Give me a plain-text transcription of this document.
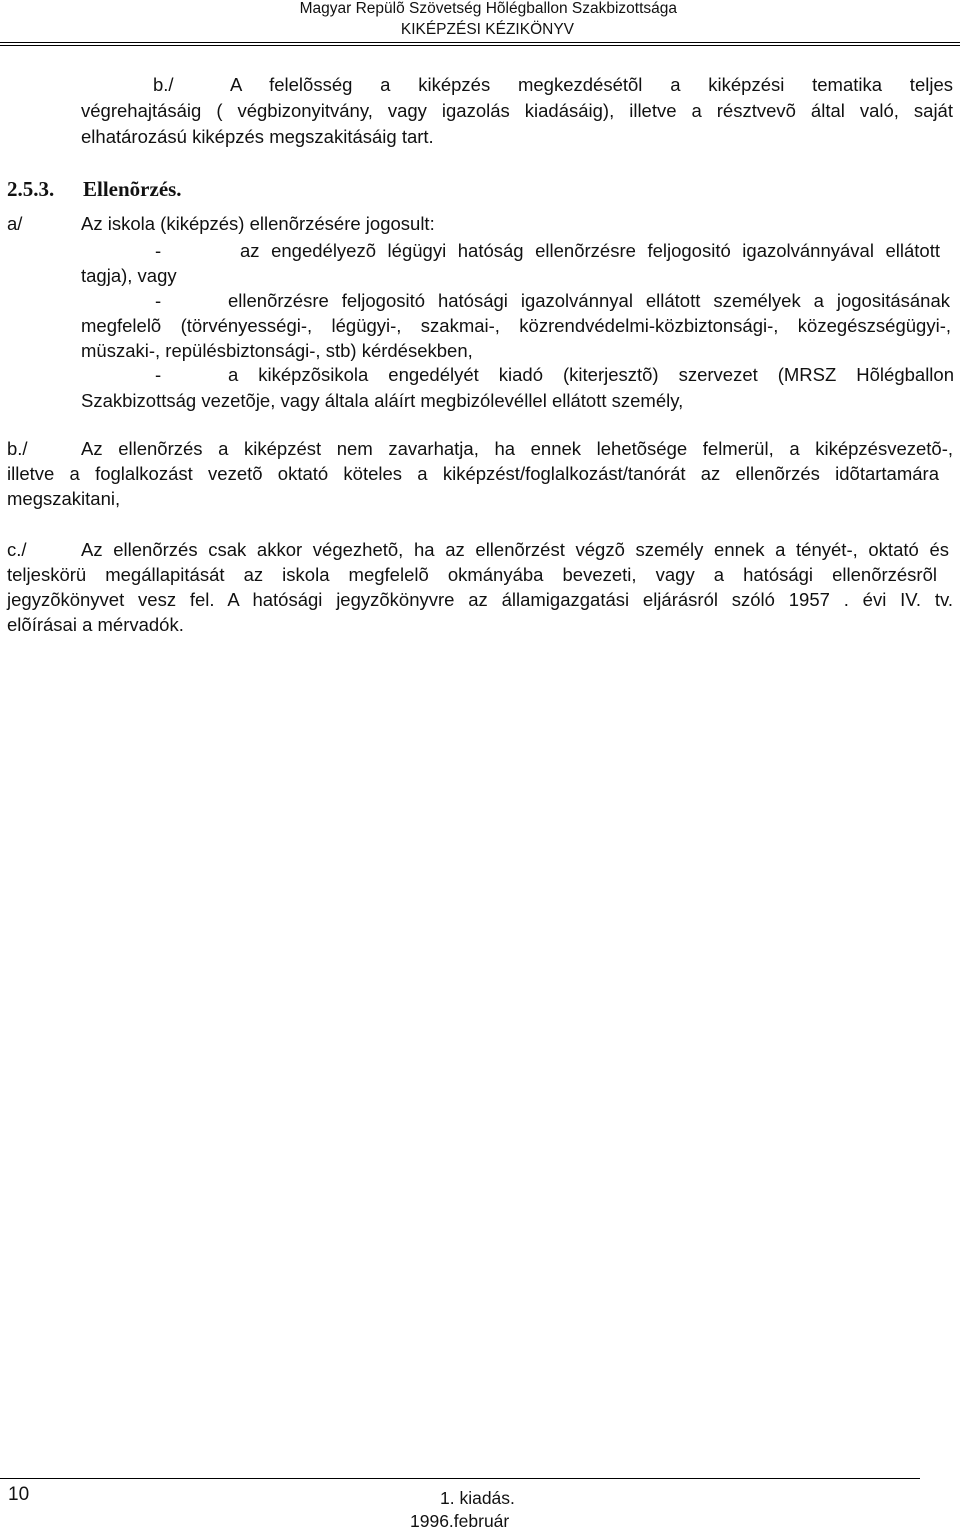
Magyar Repülõ Szövetség Hõlégballon Szakbizottsága
KIKÉPZÉSI KÉZIKÖNYV
b./	A felelõsség a kiképzés megkezdésétõl a kiképzési tematika teljes
végrehajtásáig ( végbizonyitvány, vagy igazolás kiadásáig), illetve a résztvevõ által való, saját
elhatározású kiképzés megszakitásáig tart.
2.5.3. Ellenõrzés.
a/	Az iskola (kiképzés) ellenõrzésére jogosult:
-	az engedélyezõ légügyi hatóság ellenõrzésre feljogositó igazolvánnyával ellátott
tagja), vagy
-	ellenõrzésre feljogositó hatósági igazolvánnyal ellátott személyek a jogositásának
megfelelõ (törvényességi-, légügyi-, szakmai-, közrendvédelmi-közbiztonsági-, közegészségügyi-,
müszaki-, repülésbiztonsági-, stb) kérdésekben,
-	a kiképzõsikola engedélyét kiadó (kiterjesztõ) szervezet (MRSZ Hõlégballon
Szakbizottság vezetõje, vagy általa aláírt megbizólevéllel ellátott személy,
b./	Az ellenõrzés a kiképzést nem zavarhatja, ha ennek lehetõsége felmerül, a kiképzésvezetõ-,
illetve a foglalkozást vezetõ oktató köteles a kiképzést/foglalkozást/tanórát az ellenõrzés idõtartamára
megszakitani,
c./	Az ellenõrzés csak akkor végezhetõ, ha az ellenõrzést végzõ személy ennek a tényét-, oktató és
teljeskörü megállapitását az iskola megfelelõ okmányába bevezeti, vagy a hatósági ellenõrzésrõl
jegyzõkönyvet vesz fel. A hatósági jegyzõkönyvre az államigazgatási eljárásról szóló 1957 . évi IV. tv.
elõírásai a mérvadók.
10	1. kiadás.
1996.február
